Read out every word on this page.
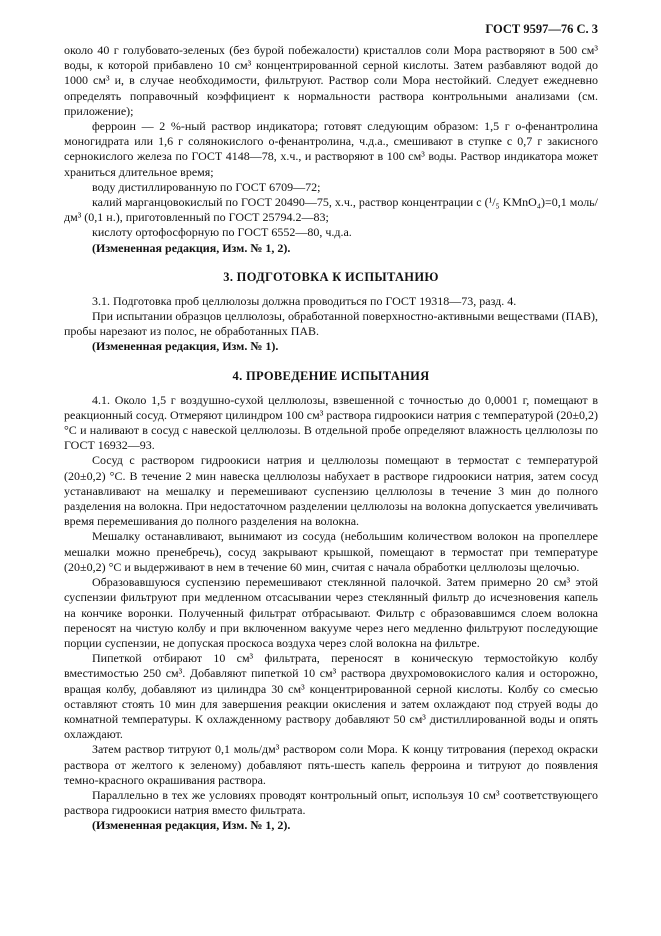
ГОСТ 9597—76 С. 3

около 40 г голубовато-зеленых (без бурой побежалости) кристаллов соли Мора растворяют в 500 см³ воды, к которой прибавлено 10 см³ концентрированной серной кислоты. Затем разбавляют водой до 1000 см³ и, в случае необходимости, фильтруют. Раствор соли Мора нестойкий. Следует ежедневно определять поправочный коэффициент к нормальности раствора контрольными анализами (см. приложение);

ферроин — 2 %-ный раствор индикатора; готовят следующим образом: 1,5 г о-фенантролина моногидрата или 1,6 г солянокислого о-фенантролина, ч.д.а., смешивают в ступке с 0,7 г закисного сернокислого железа по ГОСТ 4148—78, х.ч., и растворяют в 100 см³ воды. Раствор индикатора может храниться длительное время;

воду дистиллированную по ГОСТ 6709—72;

калий марганцовокислый по ГОСТ 20490—75, х.ч., раствор концентрации с (¹/₅ KMnO₄)=0,1 моль/дм³ (0,1 н.), приготовленный по ГОСТ 25794.2—83;

кислоту ортофосфорную по ГОСТ 6552—80, ч.д.а.

(Измененная редакция, Изм. № 1, 2).

3. ПОДГОТОВКА К ИСПЫТАНИЮ

3.1. Подготовка проб целлюлозы должна проводиться по ГОСТ 19318—73, разд. 4.

При испытании образцов целлюлозы, обработанной поверхностно-активными веществами (ПАВ), пробы нарезают из полос, не обработанных ПАВ.

(Измененная редакция, Изм. № 1).

4. ПРОВЕДЕНИЕ ИСПЫТАНИЯ

4.1. Около 1,5 г воздушно-сухой целлюлозы, взвешенной с точностью до 0,0001 г, помещают в реакционный сосуд. Отмеряют цилиндром 100 см³ раствора гидроокиси натрия с температурой (20±0,2) °С и наливают в сосуд с навеской целлюлозы. В отдельной пробе определяют влажность целлюлозы по ГОСТ 16932—93.

Сосуд с раствором гидроокиси натрия и целлюлозы помещают в термостат с температурой (20±0,2) °С. В течение 2 мин навеска целлюлозы набухает в растворе гидроокиси натрия, затем сосуд устанавливают на мешалку и перемешивают суспензию целлюлозы в течение 3 мин до полного разделения на волокна. При недостаточном разделении целлюлозы на волокна допускается увеличивать время перемешивания до полного разделения на волокна.

Мешалку останавливают, вынимают из сосуда (небольшим количеством волокон на пропеллере мешалки можно пренебречь), сосуд закрывают крышкой, помещают в термостат при температуре (20±0,2) °С и выдерживают в нем в течение 60 мин, считая с начала обработки целлюлозы щелочью.

Образовавшуюся суспензию перемешивают стеклянной палочкой. Затем примерно 20 см³ этой суспензии фильтруют при медленном отсасывании через стеклянный фильтр до исчезновения капель на кончике воронки. Полученный фильтрат отбрасывают. Фильтр с образовавшимся слоем волокна переносят на чистую колбу и при включенном вакууме через него медленно фильтруют последующие порции суспензии, не допуская проскоса воздуха через слой волокна на фильтре.

Пипеткой отбирают 10 см³ фильтрата, переносят в коническую термостойкую колбу вместимостью 250 см³. Добавляют пипеткой 10 см³ раствора двухромовокислого калия и осторожно, вращая колбу, добавляют из цилиндра 30 см³ концентрированной серной кислоты. Колбу со смесью оставляют стоять 10 мин для завершения реакции окисления и затем охлаждают под струей воды до комнатной температуры. К охлажденному раствору добавляют 50 см³ дистиллированной воды и опять охлаждают.

Затем раствор титруют 0,1 моль/дм³ раствором соли Мора. К концу титрования (переход окраски раствора от желтого к зеленому) добавляют пять-шесть капель ферроина и титруют до появления темно-красного окрашивания раствора.

Параллельно в тех же условиях проводят контрольный опыт, используя 10 см³ соответствующего раствора гидроокиси натрия вместо фильтрата.

(Измененная редакция, Изм. № 1, 2).
